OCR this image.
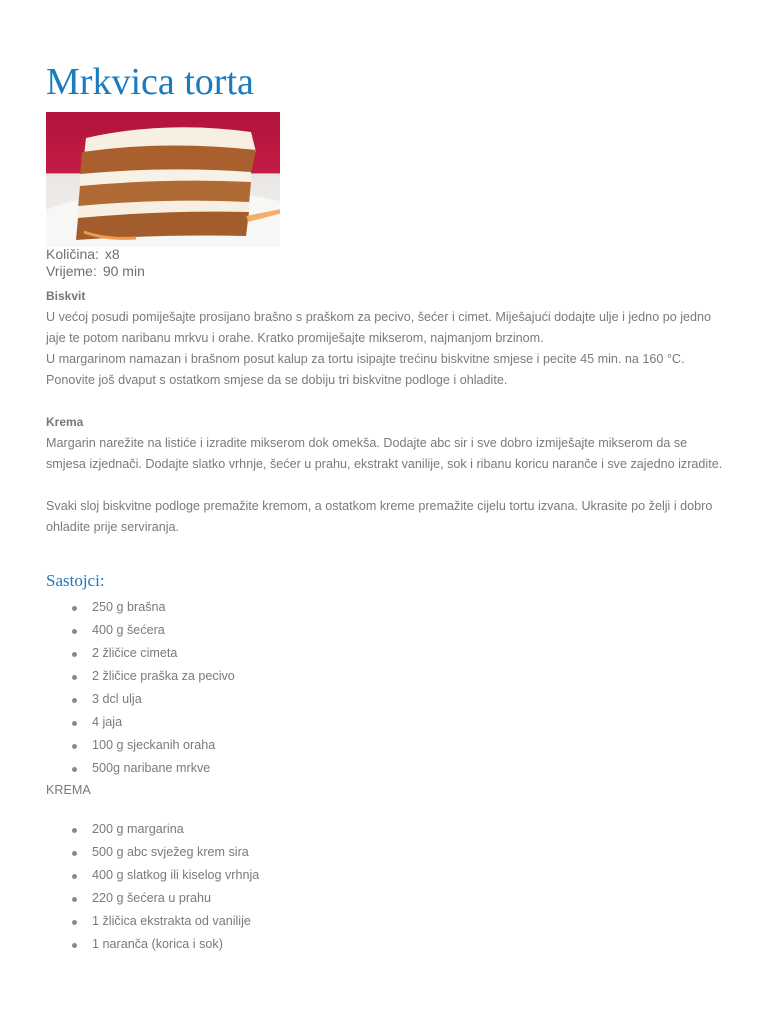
Mrkvica torta
Količina: x8
Vrijeme: 90 min
Biskvit

U većoj posudi pomiješajte prosijano brašno s praškom za pecivo, šećer i cimet. Miješajući dodajte ulje i jedno po jedno jaje te potom naribanu mrkvu i orahe. Kratko promiješajte mikserom, najmanjom brzinom.

U margarinom namazan i brašnom posut kalup za tortu isipajte trećinu biskvitne smjese i pecite 45 min. na 160 °C. Ponovite još dvaput s ostatkom smjese da se dobiju tri biskvitne podloge i ohladite.

Krema

Margarin narežite na listiće i izradite mikserom dok omekša. Dodajte abc sir i sve dobro izmiješajte mikserom da se smjesa izjednači. Dodajte slatko vrhnje, šećer u prahu, ekstrakt vanilije, sok i ribanu koricu naranče i sve zajedno izradite.

Svaki sloj biskvitne podloge premažite kremom, a ostatkom kreme premažite cijelu tortu izvana. Ukrasite po želji i dobro ohladite prije serviranja.

Sastojci:
250 g brašna
400 g šećera
2 žličice cimeta
2 žličice praška za pecivo
3 dcl ulja
4 jaja
100 g sjeckanih oraha
500g naribane mrkve
KREMA
200 g margarina
500 g abc svježeg krem sira
400 g slatkog ili kiselog vrhnja
220 g šećera u prahu
1 žličica ekstrakta od vanilije
1 naranča (korica i sok)
